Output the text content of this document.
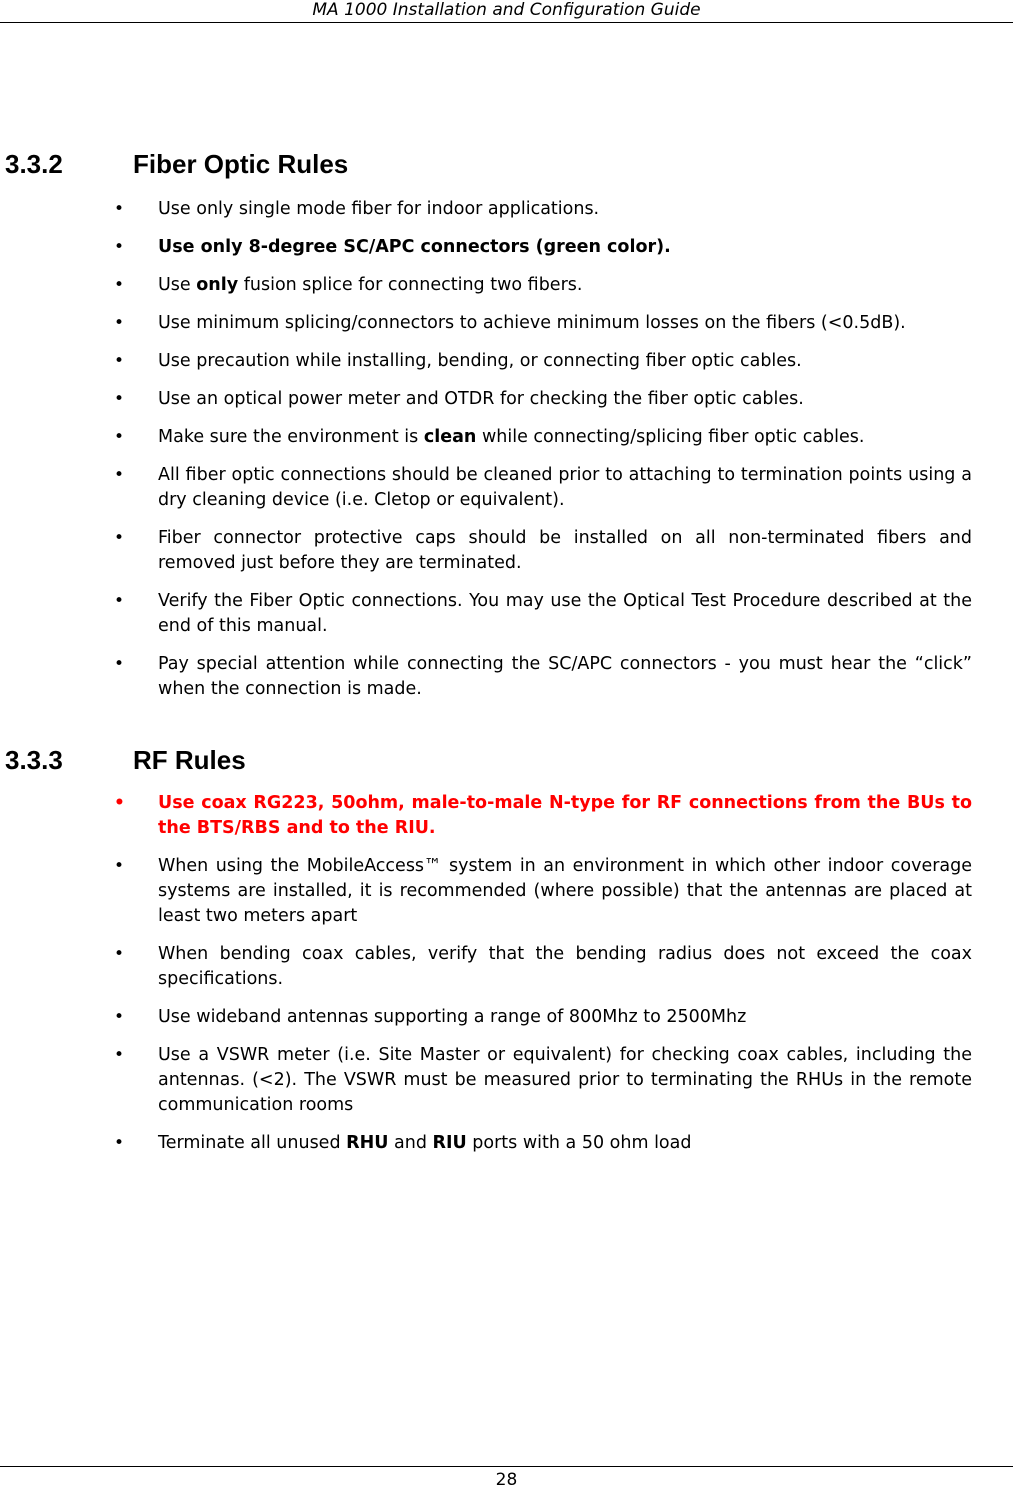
MA 1000 Installation and Configuration Guide
3.3.2	Fiber Optic Rules
• Use only single mode fiber for indoor applications.
• Use only 8-degree SC/APC connectors (green color).
• Use only fusion splice for connecting two fibers.
• Use minimum splicing/connectors to achieve minimum losses on the fibers (<0.5dB).
• Use precaution while installing, bending, or connecting fiber optic cables.
• Use an optical power meter and OTDR for checking the fiber optic cables.
• Make sure the environment is clean while connecting/splicing fiber optic cables.
• All fiber optic connections should be cleaned prior to attaching to termination points using a dry cleaning device (i.e. Cletop or equivalent).
• Fiber connector protective caps should be installed on all non-terminated fibers and removed just before they are terminated.
• Verify the Fiber Optic connections. You may use the Optical Test Procedure described at the end of this manual.
• Pay special attention while connecting the SC/APC connectors - you must hear the “click” when the connection is made.
3.3.3	RF Rules
• Use coax RG223, 50ohm, male-to-male N-type for RF connections from the BUs to the BTS/RBS and to the RIU.
• When using the MobileAccess™ system in an environment in which other indoor coverage systems are installed, it is recommended (where possible) that the antennas are placed at least two meters apart
• When bending coax cables, verify that the bending radius does not exceed the coax specifications.
• Use wideband antennas supporting a range of 800Mhz to 2500Mhz
• Use a VSWR meter (i.e. Site Master or equivalent) for checking coax cables, including the antennas. (<2). The VSWR must be measured prior to terminating the RHUs in the remote communication rooms
• Terminate all unused RHU and RIU ports with a 50 ohm load
28
